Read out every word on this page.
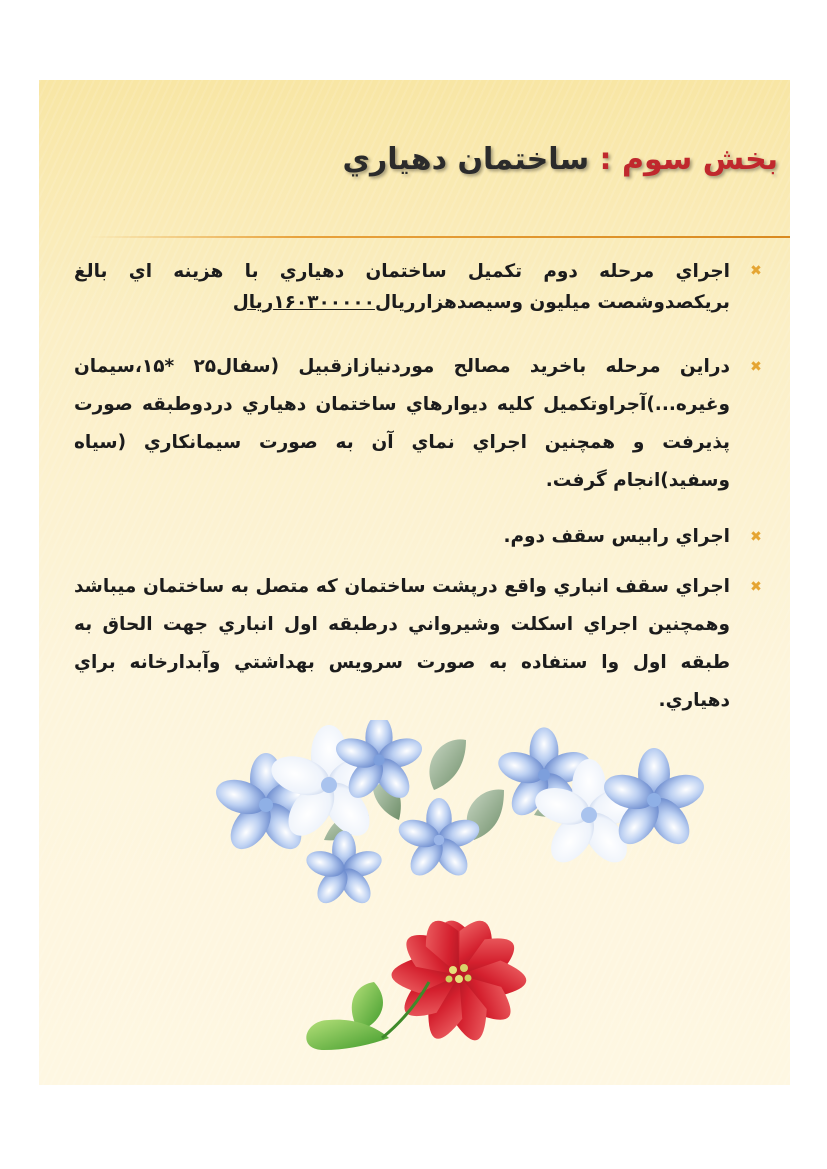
بخش سوم : ساختمان دهياري
✖
اجراي مرحله دوم تكميل ساختمان دهياري با هزينه اي بالغ بريكصدوشصت ميليون وسيصدهزارريال۱۶۰۳۰۰۰۰۰ريال
✖
دراين مرحله باخريد مصالح موردنيازازقبيل (سفال۲۵ *۱۵،سيمان وغيره...)آجراوتكميل كليه ديوارهاي ساختمان دهياري دردوطبقه صورت پذيرفت و همچنين اجراي نماي آن به صورت سيمانكاري (سياه وسفيد)انجام گرفت.
✖
اجراي رابيس سقف دوم.
✖
اجراي سقف انباري واقع درپشت ساختمان كه متصل به ساختمان ميباشد وهمچنين اجراي اسكلت وشيرواني درطبقه اول انباري جهت الحاق به طبقه اول وا ستفاده به صورت سرويس بهداشتي وآبدارخانه براي دهياري.
